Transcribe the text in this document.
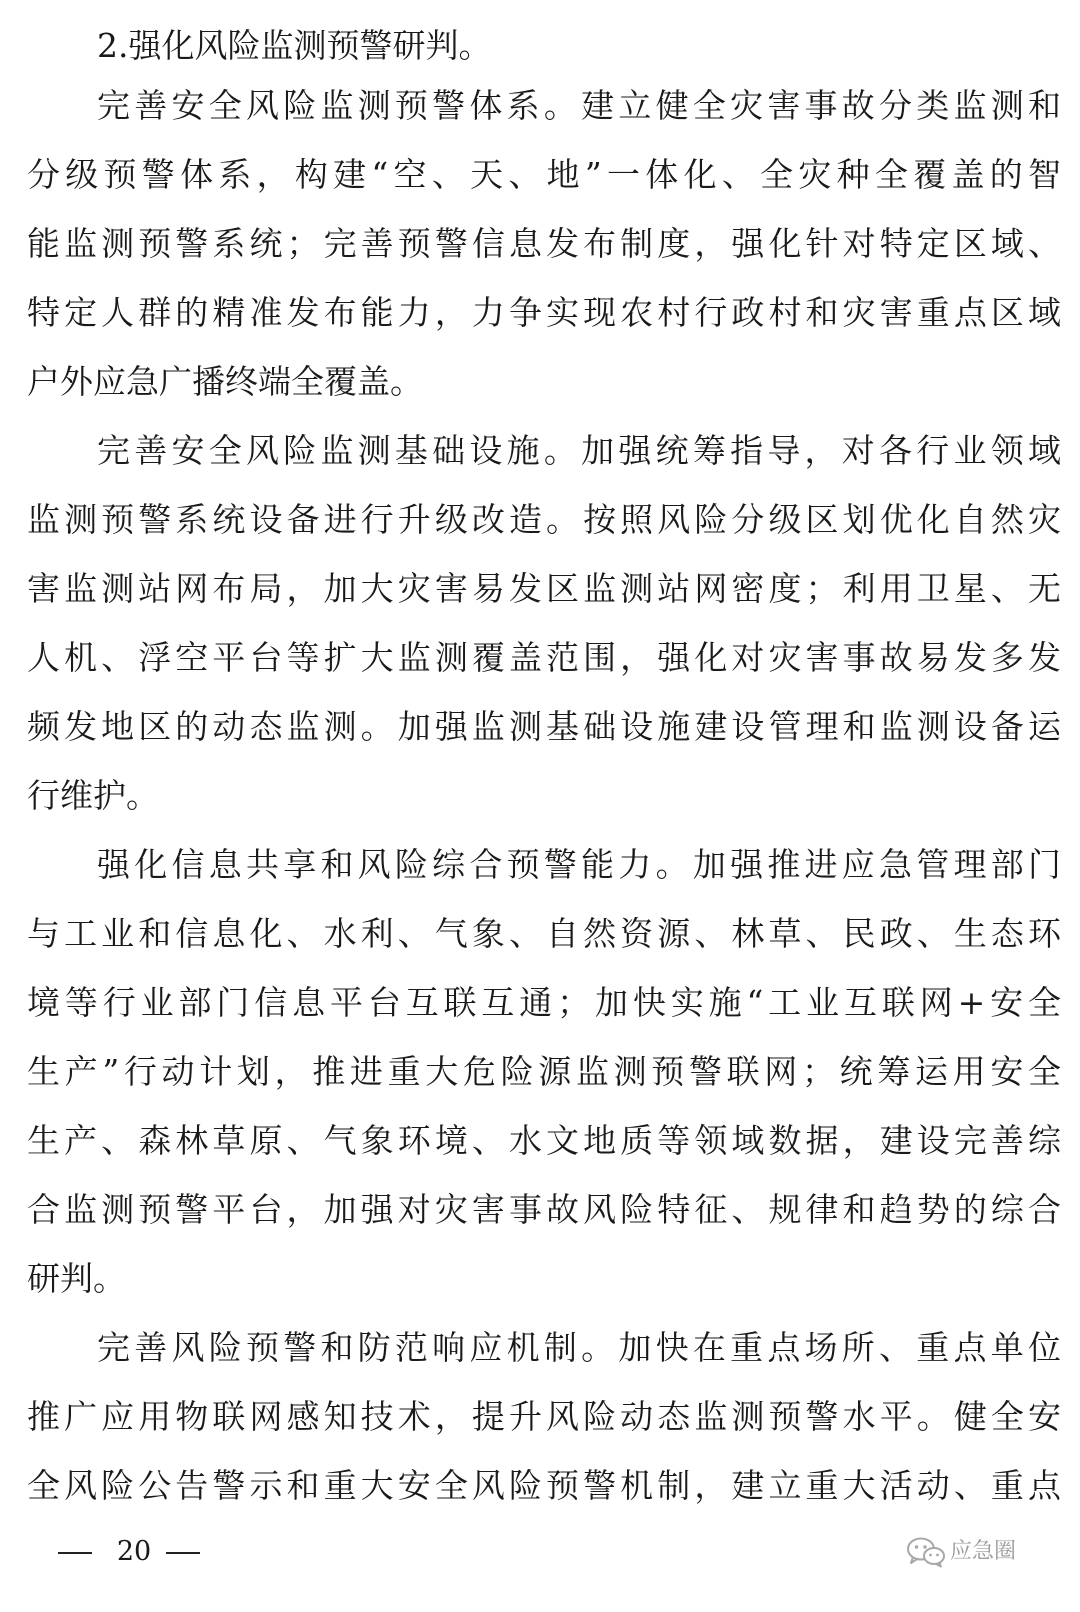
2.强化风险监测预警研判。
完善安全风险监测预警体系。建立健全灾害事故分类监测和
分级预警体系，构建“空、天、地”一体化、全灾种全覆盖的智
能监测预警系统；完善预警信息发布制度，强化针对特定区域、
特定人群的精准发布能力，力争实现农村行政村和灾害重点区域
户外应急广播终端全覆盖。
完善安全风险监测基础设施。加强统筹指导，对各行业领域
监测预警系统设备进行升级改造。按照风险分级区划优化自然灾
害监测站网布局，加大灾害易发区监测站网密度；利用卫星、无
人机、浮空平台等扩大监测覆盖范围，强化对灾害事故易发多发
频发地区的动态监测。加强监测基础设施建设管理和监测设备运
行维护。
强化信息共享和风险综合预警能力。加强推进应急管理部门
与工业和信息化、水利、气象、自然资源、林草、民政、生态环
境等行业部门信息平台互联互通；加快实施“工业互联网+安全
生产”行动计划，推进重大危险源监测预警联网；统筹运用安全
生产、森林草原、气象环境、水文地质等领域数据，建设完善综
合监测预警平台，加强对灾害事故风险特征、规律和趋势的综合
研判。
完善风险预警和防范响应机制。加快在重点场所、重点单位
推广应用物联网感知技术，提升风险动态监测预警水平。健全安
全风险公告警示和重大安全风险预警机制，建立重大活动、重点
20	应急圈
